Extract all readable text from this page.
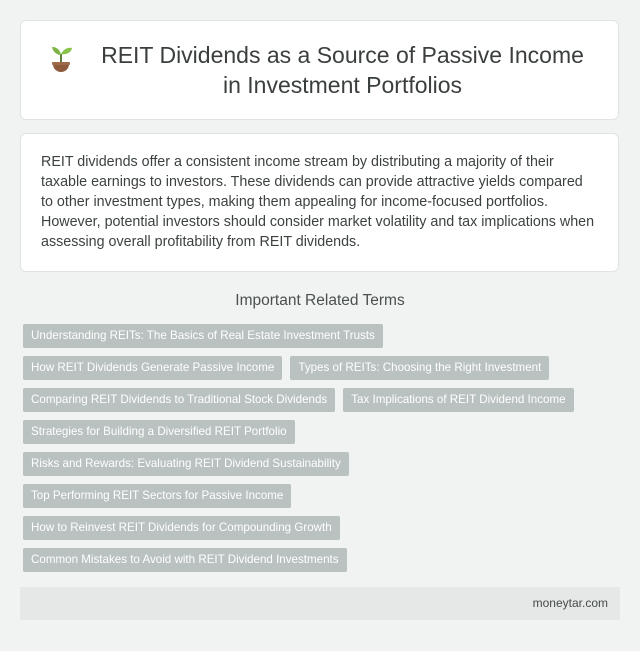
REIT Dividends as a Source of Passive Income in Investment Portfolios

REIT dividends offer a consistent income stream by distributing a majority of their taxable earnings to investors. These dividends can provide attractive yields compared to other investment types, making them appealing for income-focused portfolios. However, potential investors should consider market volatility and tax implications when assessing overall profitability from REIT dividends.

Important Related Terms
Understanding REITs: The Basics of Real Estate Investment Trusts
How REIT Dividends Generate Passive Income	Types of REITs: Choosing the Right Investment
Comparing REIT Dividends to Traditional Stock Dividends	Tax Implications of REIT Dividend Income
Strategies for Building a Diversified REIT Portfolio
Risks and Rewards: Evaluating REIT Dividend Sustainability
Top Performing REIT Sectors for Passive Income
How to Reinvest REIT Dividends for Compounding Growth
Common Mistakes to Avoid with REIT Dividend Investments
moneytar.com
